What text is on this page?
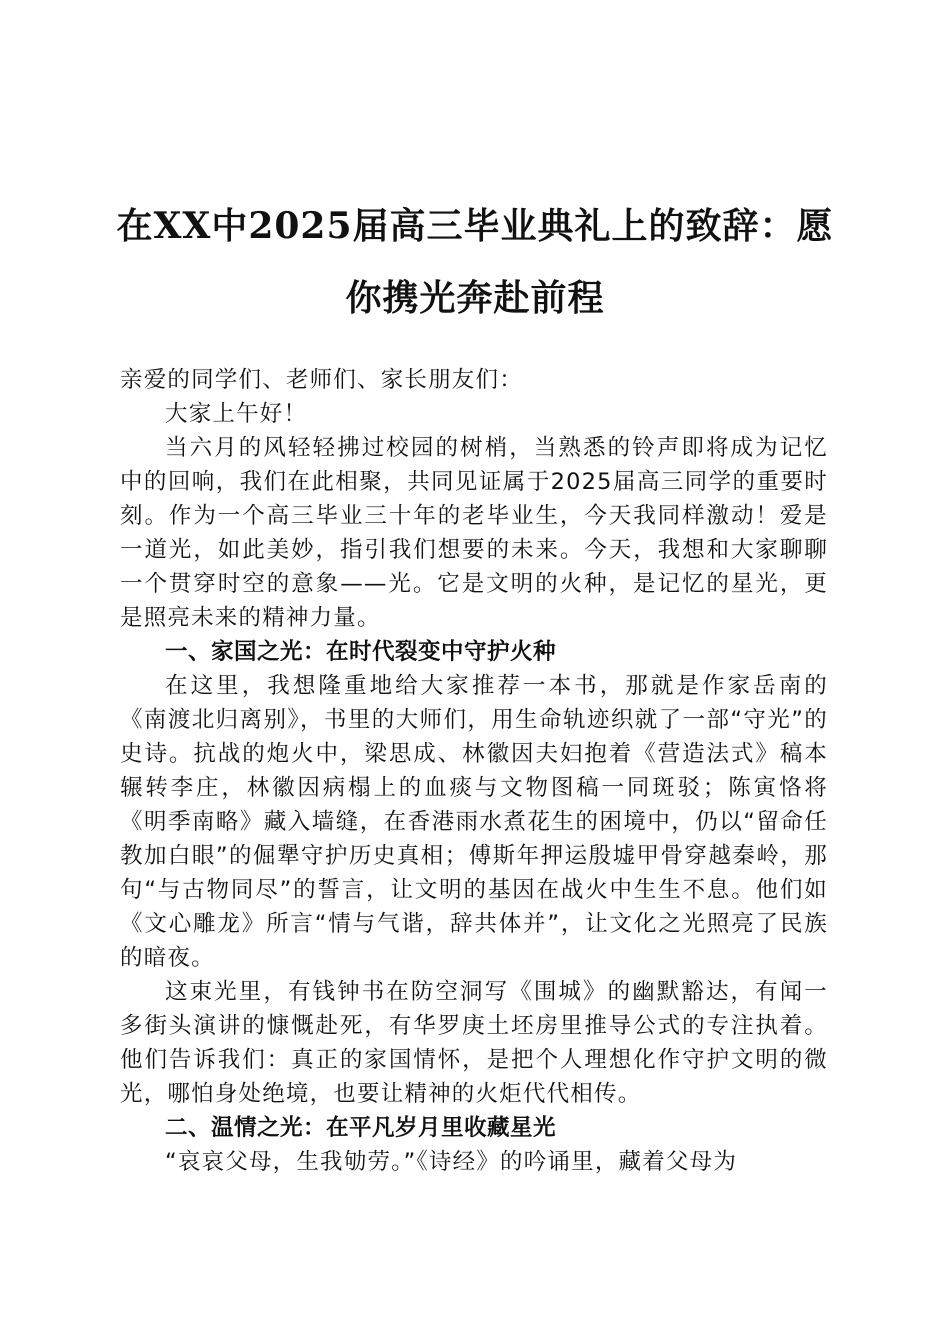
在XX中2025届高三毕业典礼上的致辞：愿你携光奔赴前程

亲爱的同学们、老师们、家长朋友们：

大家上午好！

当六月的风轻轻拂过校园的树梢，当熟悉的铃声即将成为记忆中的回响，我们在此相聚，共同见证属于2025届高三同学的重要时刻。作为一个高三毕业三十年的老毕业生，今天我同样激动！爱是一道光，如此美妙，指引我们想要的未来。今天，我想和大家聊聊一个贯穿时空的意象——光。它是文明的火种，是记忆的星光，更是照亮未来的精神力量。

一、家国之光：在时代裂变中守护火种

在这里，我想隆重地给大家推荐一本书，那就是作家岳南的《南渡北归离别》，书里的大师们，用生命轨迹织就了一部“守光”的史诗。抗战的炮火中，梁思成、林徽因夫妇抱着《营造法式》稿本辗转李庄，林徽因病榻上的血痰与文物图稿一同斑驳；陈寅恪将《明季南略》藏入墙缝，在香港雨水煮花生的困境中，仍以“留命任教加白眼”的倔犟守护历史真相；傅斯年押运殷墟甲骨穿越秦岭，那句“与古物同尽”的誓言，让文明的基因在战火中生生不息。他们如《文心雕龙》所言“情与气谐，辞共体并”，让文化之光照亮了民族的暗夜。

这束光里，有钱钟书在防空洞写《围城》的幽默豁达，有闻一多街头演讲的慷慨赴死，有华罗庚土坯房里推导公式的专注执着。他们告诉我们：真正的家国情怀，是把个人理想化作守护文明的微光，哪怕身处绝境，也要让精神的火炬代代相传。

二、温情之光：在平凡岁月里收藏星光

“哀哀父母，生我劬劳。”《诗经》的吟诵里，藏着父母为
